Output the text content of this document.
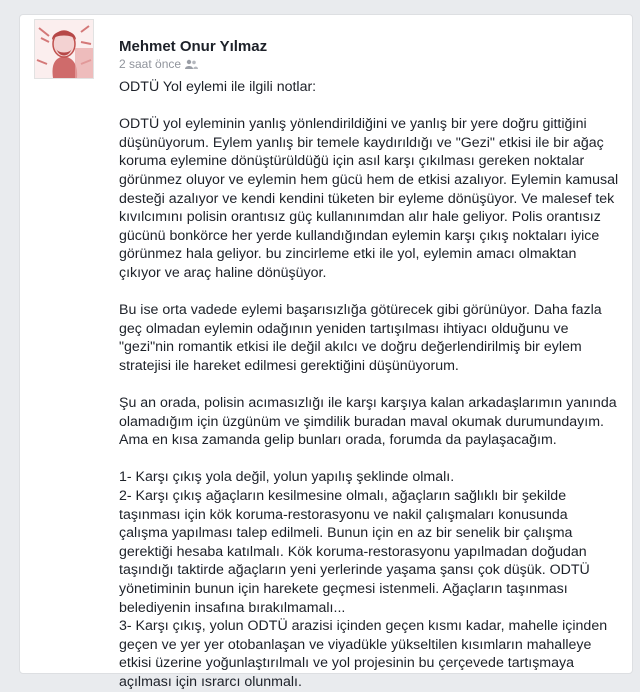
Mehmet Onur Yılmaz
2 saat önce

ODTÜ Yol eylemi ile ilgili notlar:

ODTÜ yol eyleminin yanlış yönlendirildiğini ve yanlış bir yere doğru gittiğini düşünüyorum. Eylem yanlış bir temele kaydırıldığı ve "Gezi" etkisi ile bir ağaç koruma eylemine dönüştürüldüğü için asıl karşı çıkılması gereken noktalar görünmez oluyor ve eylemin hem gücü hem de etkisi azalıyor. Eylemin kamusal desteği azalıyor ve kendi kendini tüketen bir eyleme dönüşüyor. Ve malesef tek kıvılcımını polisin orantısız güç kullanınımdan alır hale geliyor. Polis orantısız gücünü bonkörce her yerde kullandığından eylemin karşı çıkış noktaları iyice görünmez hala geliyor. bu zincirleme etki ile yol, eylemin amacı olmaktan çıkıyor ve araç haline dönüşüyor.

Bu ise orta vadede eylemi başarısızlığa götürecek gibi görünüyor. Daha fazla geç olmadan eylemin odağının yeniden tartışılması ihtiyacı olduğunu ve "gezi"nin romantik etkisi ile değil akılcı ve doğru değerlendirilmiş bir eylem stratejisi ile hareket edilmesi gerektiğini düşünüyorum.

Şu an orada, polisin acımasızlığı ile karşı karşıya kalan arkadaşlarımın yanında olamadığım için üzgünüm ve şimdilik buradan maval okumak durumundayım. Ama en kısa zamanda gelip bunları orada, forumda da paylaşacağım.

1- Karşı çıkış yola değil, yolun yapılış şeklinde olmalı.
2- Karşı çıkış ağaçların kesilmesine olmalı, ağaçların sağlıklı bir şekilde taşınması için kök koruma-restorasyonu ve nakil çalışmaları konusunda çalışma yapılması talep edilmeli. Bunun için en az bir senelik bir çalışma gerektiği hesaba katılmalı. Kök koruma-restorasyonu yapılmadan doğudan taşındığı taktirde ağaçların yeni yerlerinde yaşama şansı çok düşük. ODTÜ yönetiminin bunun için harekete geçmesi istenmeli. Ağaçların taşınması belediyenin insafına bırakılmamalı...
3- Karşı çıkış, yolun ODTÜ arazisi içinden geçen kısmı kadar, mahelle içinden geçen ve yer yer otobanlaşan ve viyadükle yükseltilen kısımların mahalleye etkisi üzerine yoğunlaştırılmalı ve yol projesinin bu çerçevede tartışmaya açılması için ısrarcı olunmalı.
